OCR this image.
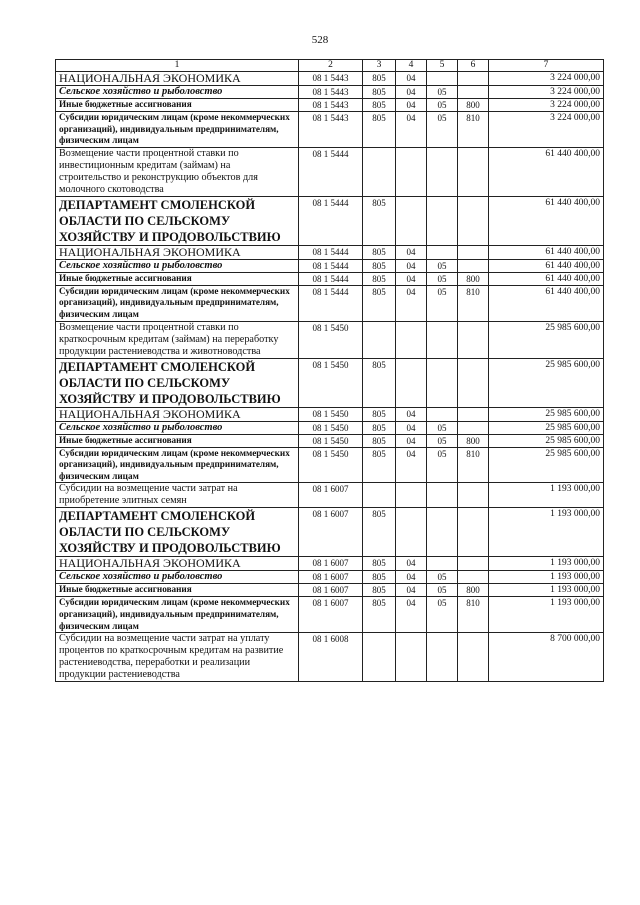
528
1	2	3	4	5	6	7
НАЦИОНАЛЬНАЯ ЭКОНОМИКА	08 1 5443	805	04			3 224 000,00
Сельское хозяйство и рыболовство	08 1 5443	805	04	05		3 224 000,00
Иные бюджетные ассигнования	08 1 5443	805	04	05	800	3 224 000,00
Субсидии юридическим лицам (кроме некоммерческих организаций), индивидуальным предпринимателям, физическим лицам	08 1 5443	805	04	05	810	3 224 000,00
Возмещение части процентной ставки по инвестиционным кредитам (займам) на строительство и реконструкцию объектов для молочного скотоводства	08 1 5444					61 440 400,00
ДЕПАРТАМЕНТ СМОЛЕНСКОЙ ОБЛАСТИ ПО СЕЛЬСКОМУ ХОЗЯЙСТВУ И ПРОДОВОЛЬСТВИЮ	08 1 5444	805				61 440 400,00
НАЦИОНАЛЬНАЯ ЭКОНОМИКА	08 1 5444	805	04			61 440 400,00
Сельское хозяйство и рыболовство	08 1 5444	805	04	05		61 440 400,00
Иные бюджетные ассигнования	08 1 5444	805	04	05	800	61 440 400,00
Субсидии юридическим лицам (кроме некоммерческих организаций), индивидуальным предпринимателям, физическим лицам	08 1 5444	805	04	05	810	61 440 400,00
Возмещение части процентной ставки по краткосрочным кредитам (займам) на переработку продукции растениеводства и животноводства	08 1 5450					25 985 600,00
ДЕПАРТАМЕНТ СМОЛЕНСКОЙ ОБЛАСТИ ПО СЕЛЬСКОМУ ХОЗЯЙСТВУ И ПРОДОВОЛЬСТВИЮ	08 1 5450	805				25 985 600,00
НАЦИОНАЛЬНАЯ ЭКОНОМИКА	08 1 5450	805	04			25 985 600,00
Сельское хозяйство и рыболовство	08 1 5450	805	04	05		25 985 600,00
Иные бюджетные ассигнования	08 1 5450	805	04	05	800	25 985 600,00
Субсидии юридическим лицам (кроме некоммерческих организаций), индивидуальным предпринимателям, физическим лицам	08 1 5450	805	04	05	810	25 985 600,00
Субсидии на возмещение части затрат на приобретение элитных семян	08 1 6007					1 193 000,00
ДЕПАРТАМЕНТ СМОЛЕНСКОЙ ОБЛАСТИ ПО СЕЛЬСКОМУ ХОЗЯЙСТВУ И ПРОДОВОЛЬСТВИЮ	08 1 6007	805				1 193 000,00
НАЦИОНАЛЬНАЯ ЭКОНОМИКА	08 1 6007	805	04			1 193 000,00
Сельское хозяйство и рыболовство	08 1 6007	805	04	05		1 193 000,00
Иные бюджетные ассигнования	08 1 6007	805	04	05	800	1 193 000,00
Субсидии юридическим лицам (кроме некоммерческих организаций), индивидуальным предпринимателям, физическим лицам	08 1 6007	805	04	05	810	1 193 000,00
Субсидии на возмещение части затрат на уплату процентов по краткосрочным кредитам на развитие растениеводства, переработки и реализации продукции растениеводства	08 1 6008					8 700 000,00
